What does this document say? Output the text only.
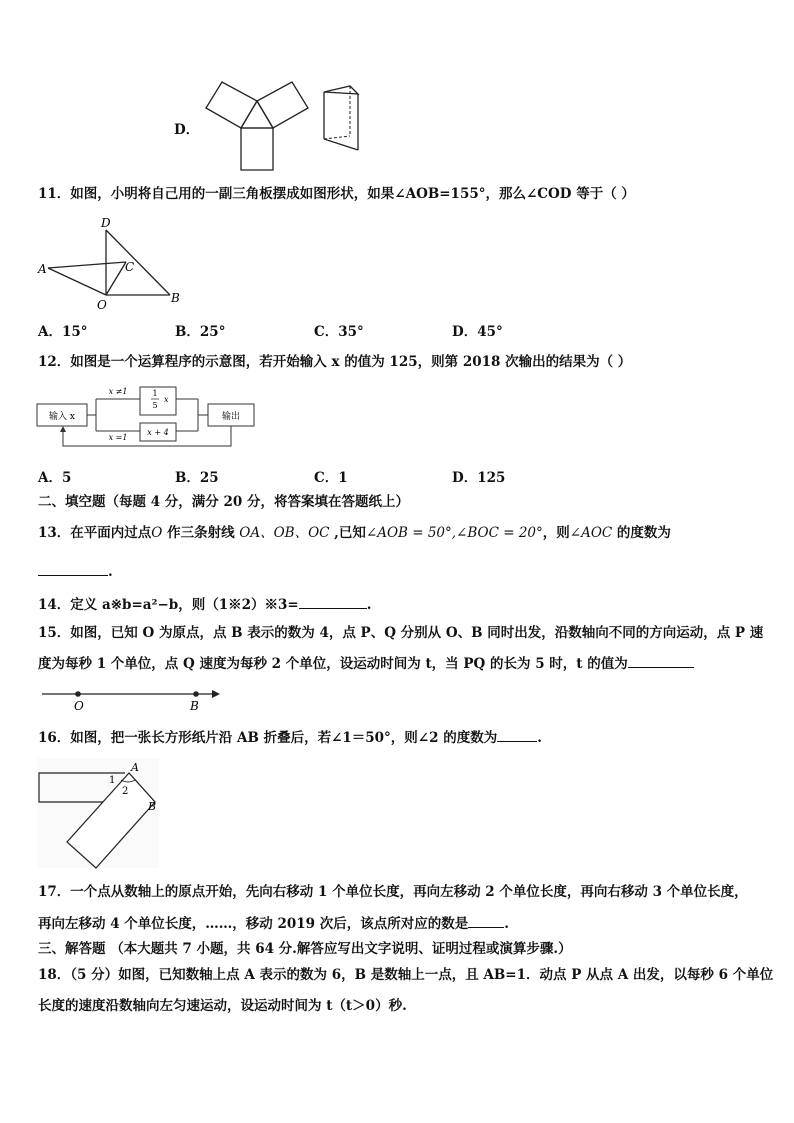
D．
11．如图，小明将自己用的一副三角板摆成如图形状，如果∠AOB=155°，那么∠COD 等于（ ）
D
A	C
O	B
A．15°	B．25°	C．35°	D．45°
12．如图是一个运算程序的示意图，若开始输入 x 的值为 125，则第 2018 次输出的结果为（ ）
输入 x	输出
x ≠1
x =1
1
5
x
x + 4
A．5	B．25	C．1	D．125
二、填空题（每题 4 分，满分 20 分，将答案填在答题纸上）
13．在平面内过点O 作三条射线 OA、OB、OC ,已知∠AOB = 50°,∠BOC = 20°，则∠AOC 的度数为
.
14．定义 a※b=a²−b，则（1※2）※3=	.
15．如图，已知 O 为原点，点 B 表示的数为 4，点 P、Q 分别从 O、B 同时出发，沿数轴向不同的方向运动，点 P 速
度为每秒 1 个单位，点 Q 速度为每秒 2 个单位，设运动时间为 t，当 PQ 的长为 5 时，t 的值为
O	B
16．如图，把一张长方形纸片沿 AB 折叠后，若∠1＝50°，则∠2 的度数为	.
A
B
1
2
17．一个点从数轴上的原点开始，先向右移动 1 个单位长度，再向左移动 2 个单位长度，再向右移动 3 个单位长度，
再向左移动 4 个单位长度，……，移动 2019 次后，该点所对应的数是	.
三、解答题 （本大题共 7 小题，共 64 分.解答应写出文字说明、证明过程或演算步骤.）
18．（5 分）如图，已知数轴上点 A 表示的数为 6，B 是数轴上一点，且 AB=1．动点 P 从点 A 出发，以每秒 6 个单位
长度的速度沿数轴向左匀速运动，设运动时间为 t（t＞0）秒.
